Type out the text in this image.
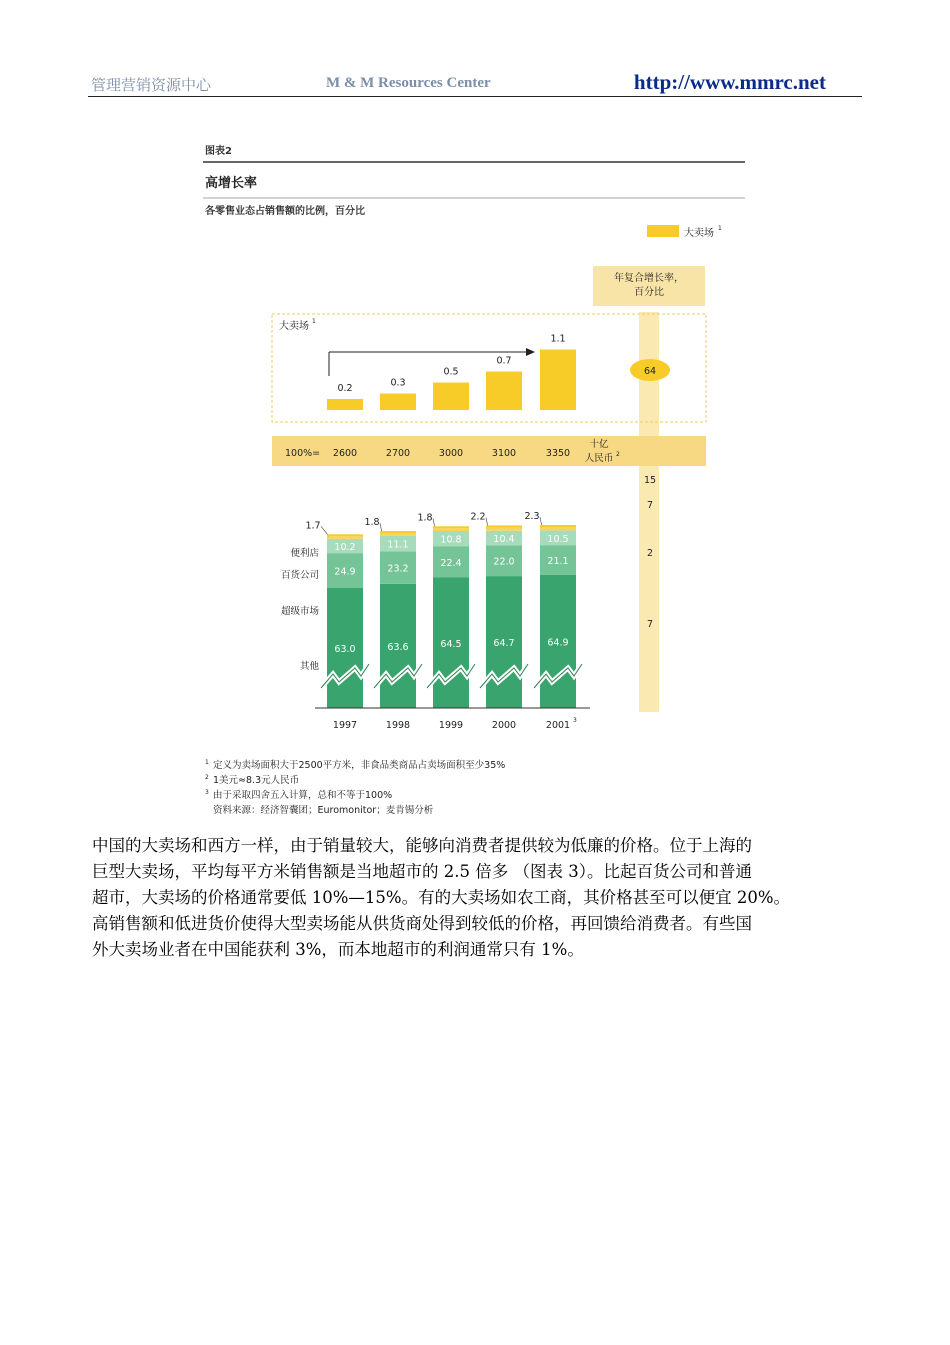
管理营销资源中心	M & M Resources Center	http://www.mmrc.net
图表2
高增长率
各零售业态占销售额的比例，百分比
大卖场 1
年复合增长率，
百分比
大卖场 1
0.2	0.3
0.5
0.7
1.1
64
100%= 2600	2700	3000	3100	3350
十亿
人民币 2
63.0
24.9
10.2
1.7
63.6
23.2
11.1
1.8
64.5
22.4
10.8
1.8
64.7
22.0
10.4
2.2
64.9
21.1
10.5
2.3
其他
超级市场
百货公司
便利店
7
2
7
15
1997	1998	1999	2000	2001 3
1 定义为卖场面积大于2500平方米，非食品类商品占卖场面积至少35%
2 1美元≈8.3元人民币
3 由于采取四舍五入计算，总和不等于100%
资料来源：经济智囊团；Euromonitor；麦肯锡分析

中国的大卖场和西方一样，由于销量较大，能够向消费者提供较为低廉的价格。位于上海的

巨型大卖场，平均每平方米销售额是当地超市的 2.5 倍多 （图表 3）。比起百货公司和普通

超市，大卖场的价格通常要低 10%—15%。有的大卖场如农工商，其价格甚至可以便宜 20%。

高销售额和低进货价使得大型卖场能从供货商处得到较低的价格，再回馈给消费者。有些国

外大卖场业者在中国能获利 3%，而本地超市的利润通常只有 1%。
